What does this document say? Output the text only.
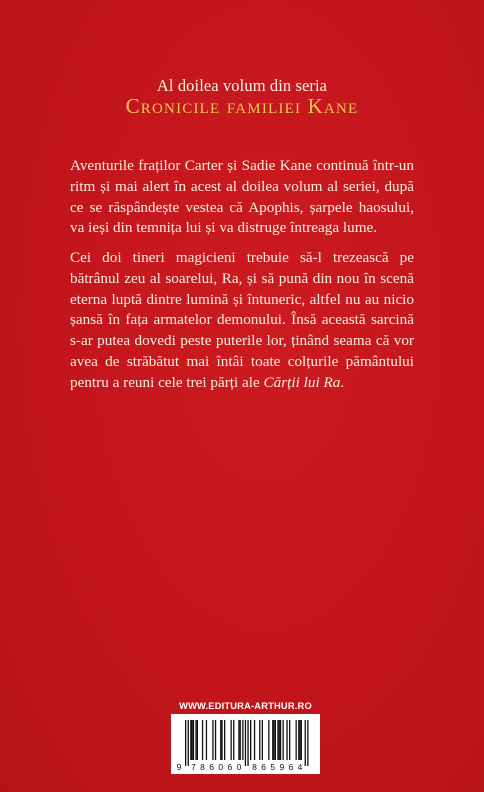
Al doilea volum din seria
Cronicile familiei Kane

Aventurile fraților Carter și Sadie Kane continuă într-un ritm și mai alert în acest al doilea volum al seriei, după ce se răspândește vestea că Apophis, șarpele haosului, va ieși din temnița lui și va distruge întreaga lume.

Cei doi tineri magicieni trebuie să-l trezească pe bătrânul zeu al soarelui, Ra, și să pună din nou în scenă eterna luptă dintre lumină și întuneric, altfel nu au nicio șansă în fața armatelor demonului. Însă această sarcină s-ar putea dovedi peste puterile lor, ținând seama că vor avea de străbătut mai întâi toate colțurile pământului pentru a reuni cele trei părți ale Cărții lui Ra.

WWW.EDITURA-ARTHUR.RO
9 7 8 6 0 6 0 8 6 5 9 6 4
